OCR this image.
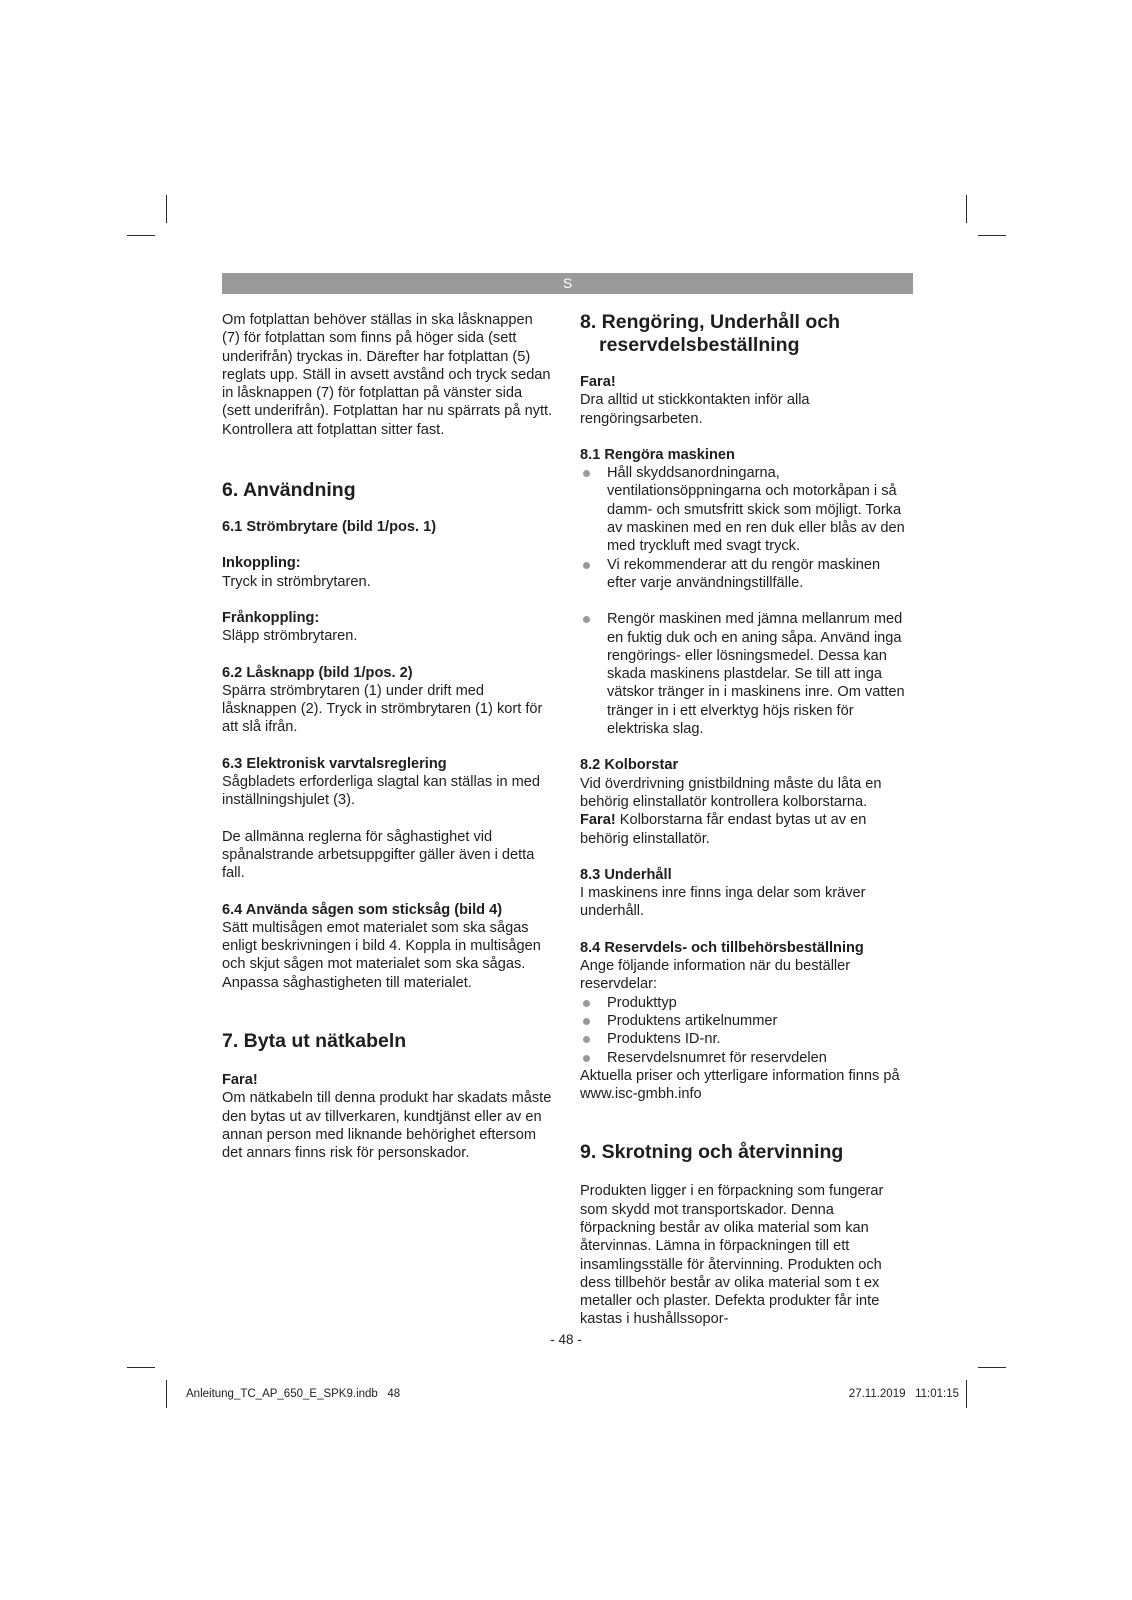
S

Om fotplattan behöver ställas in ska låsknappen (7) för fotplattan som finns på höger sida (sett underifrån) tryckas in. Därefter har fotplattan (5) reglats upp. Ställ in avsett avstånd och tryck sedan in låsknappen (7) för fotplattan på vänster sida (sett underifrån). Fotplattan har nu spärrats på nytt. Kontrollera att fotplattan sitter fast.

6. Användning

6.1 Strömbrytare (bild 1/pos. 1)

Inkoppling:

Tryck in strömbrytaren.

Frånkoppling:

Släpp strömbrytaren.

6.2 Låsknapp (bild 1/pos. 2)

Spärra strömbrytaren (1) under drift med låsknappen (2). Tryck in strömbrytaren (1) kort för att slå ifrån.

6.3 Elektronisk varvtalsreglering

Sågbladets erforderliga slagtal kan ställas in med inställningshjulet (3).

De allmänna reglerna för såghastighet vid spånalstrande arbetsuppgifter gäller även i detta fall.

6.4 Använda sågen som sticksåg (bild 4)

Sätt multisågen emot materialet som ska sågas enligt beskrivningen i bild 4. Koppla in multisågen och skjut sågen mot materialet som ska sågas. Anpassa såghastigheten till materialet.

7. Byta ut nätkabeln

Fara!

Om nätkabeln till denna produkt har skadats måste den bytas ut av tillverkaren, kundtjänst eller av en annan person med liknande behörighet eftersom det annars finns risk för personskador.

8. Rengöring, Underhåll och
reservdelsbeställning

Fara!

Dra alltid ut stickkontakten inför alla rengöringsarbeten.

8.1 Rengöra maskinen

Håll skyddsanordningarna, ventilationsöppningarna och motorkåpan i så damm- och smutsfritt skick som möjligt. Torka av maskinen med en ren duk eller blås av den med tryckluft med svagt tryck.
Vi rekommenderar att du rengör maskinen efter varje användningstillfälle.
Rengör maskinen med jämna mellanrum med en fuktig duk och en aning såpa. Använd inga rengörings- eller lösningsmedel. Dessa kan skada maskinens plastdelar. Se till att inga vätskor tränger in i maskinens inre. Om vatten tränger in i ett elverktyg höjs risken för elektriska slag.

8.2 Kolborstar

Vid överdrivning gnistbildning måste du låta en behörig elinstallatör kontrollera kolborstarna.

Fara! Kolborstarna får endast bytas ut av en behörig elinstallatör.

8.3 Underhåll

I maskinens inre finns inga delar som kräver underhåll.

8.4 Reservdels- och tillbehörsbeställning

Ange följande information när du beställer reservdelar:

Produkttyp
Produktens artikelnummer
Produktens ID-nr.
Reservdelsnumret för reservdelen

Aktuella priser och ytterligare information finns på www.isc-gmbh.info

9. Skrotning och återvinning

Produkten ligger i en förpackning som fungerar som skydd mot transportskador. Denna förpackning består av olika material som kan återvinnas. Lämna in förpackningen till ett insamlingsställe för återvinning. Produkten och dess tillbehör består av olika material som t ex metaller och plaster. Defekta produkter får inte kastas i hushållssopor-

- 48 -
Anleitung_TC_AP_650_E_SPK9.indb   48	27.11.2019   11:01:15
